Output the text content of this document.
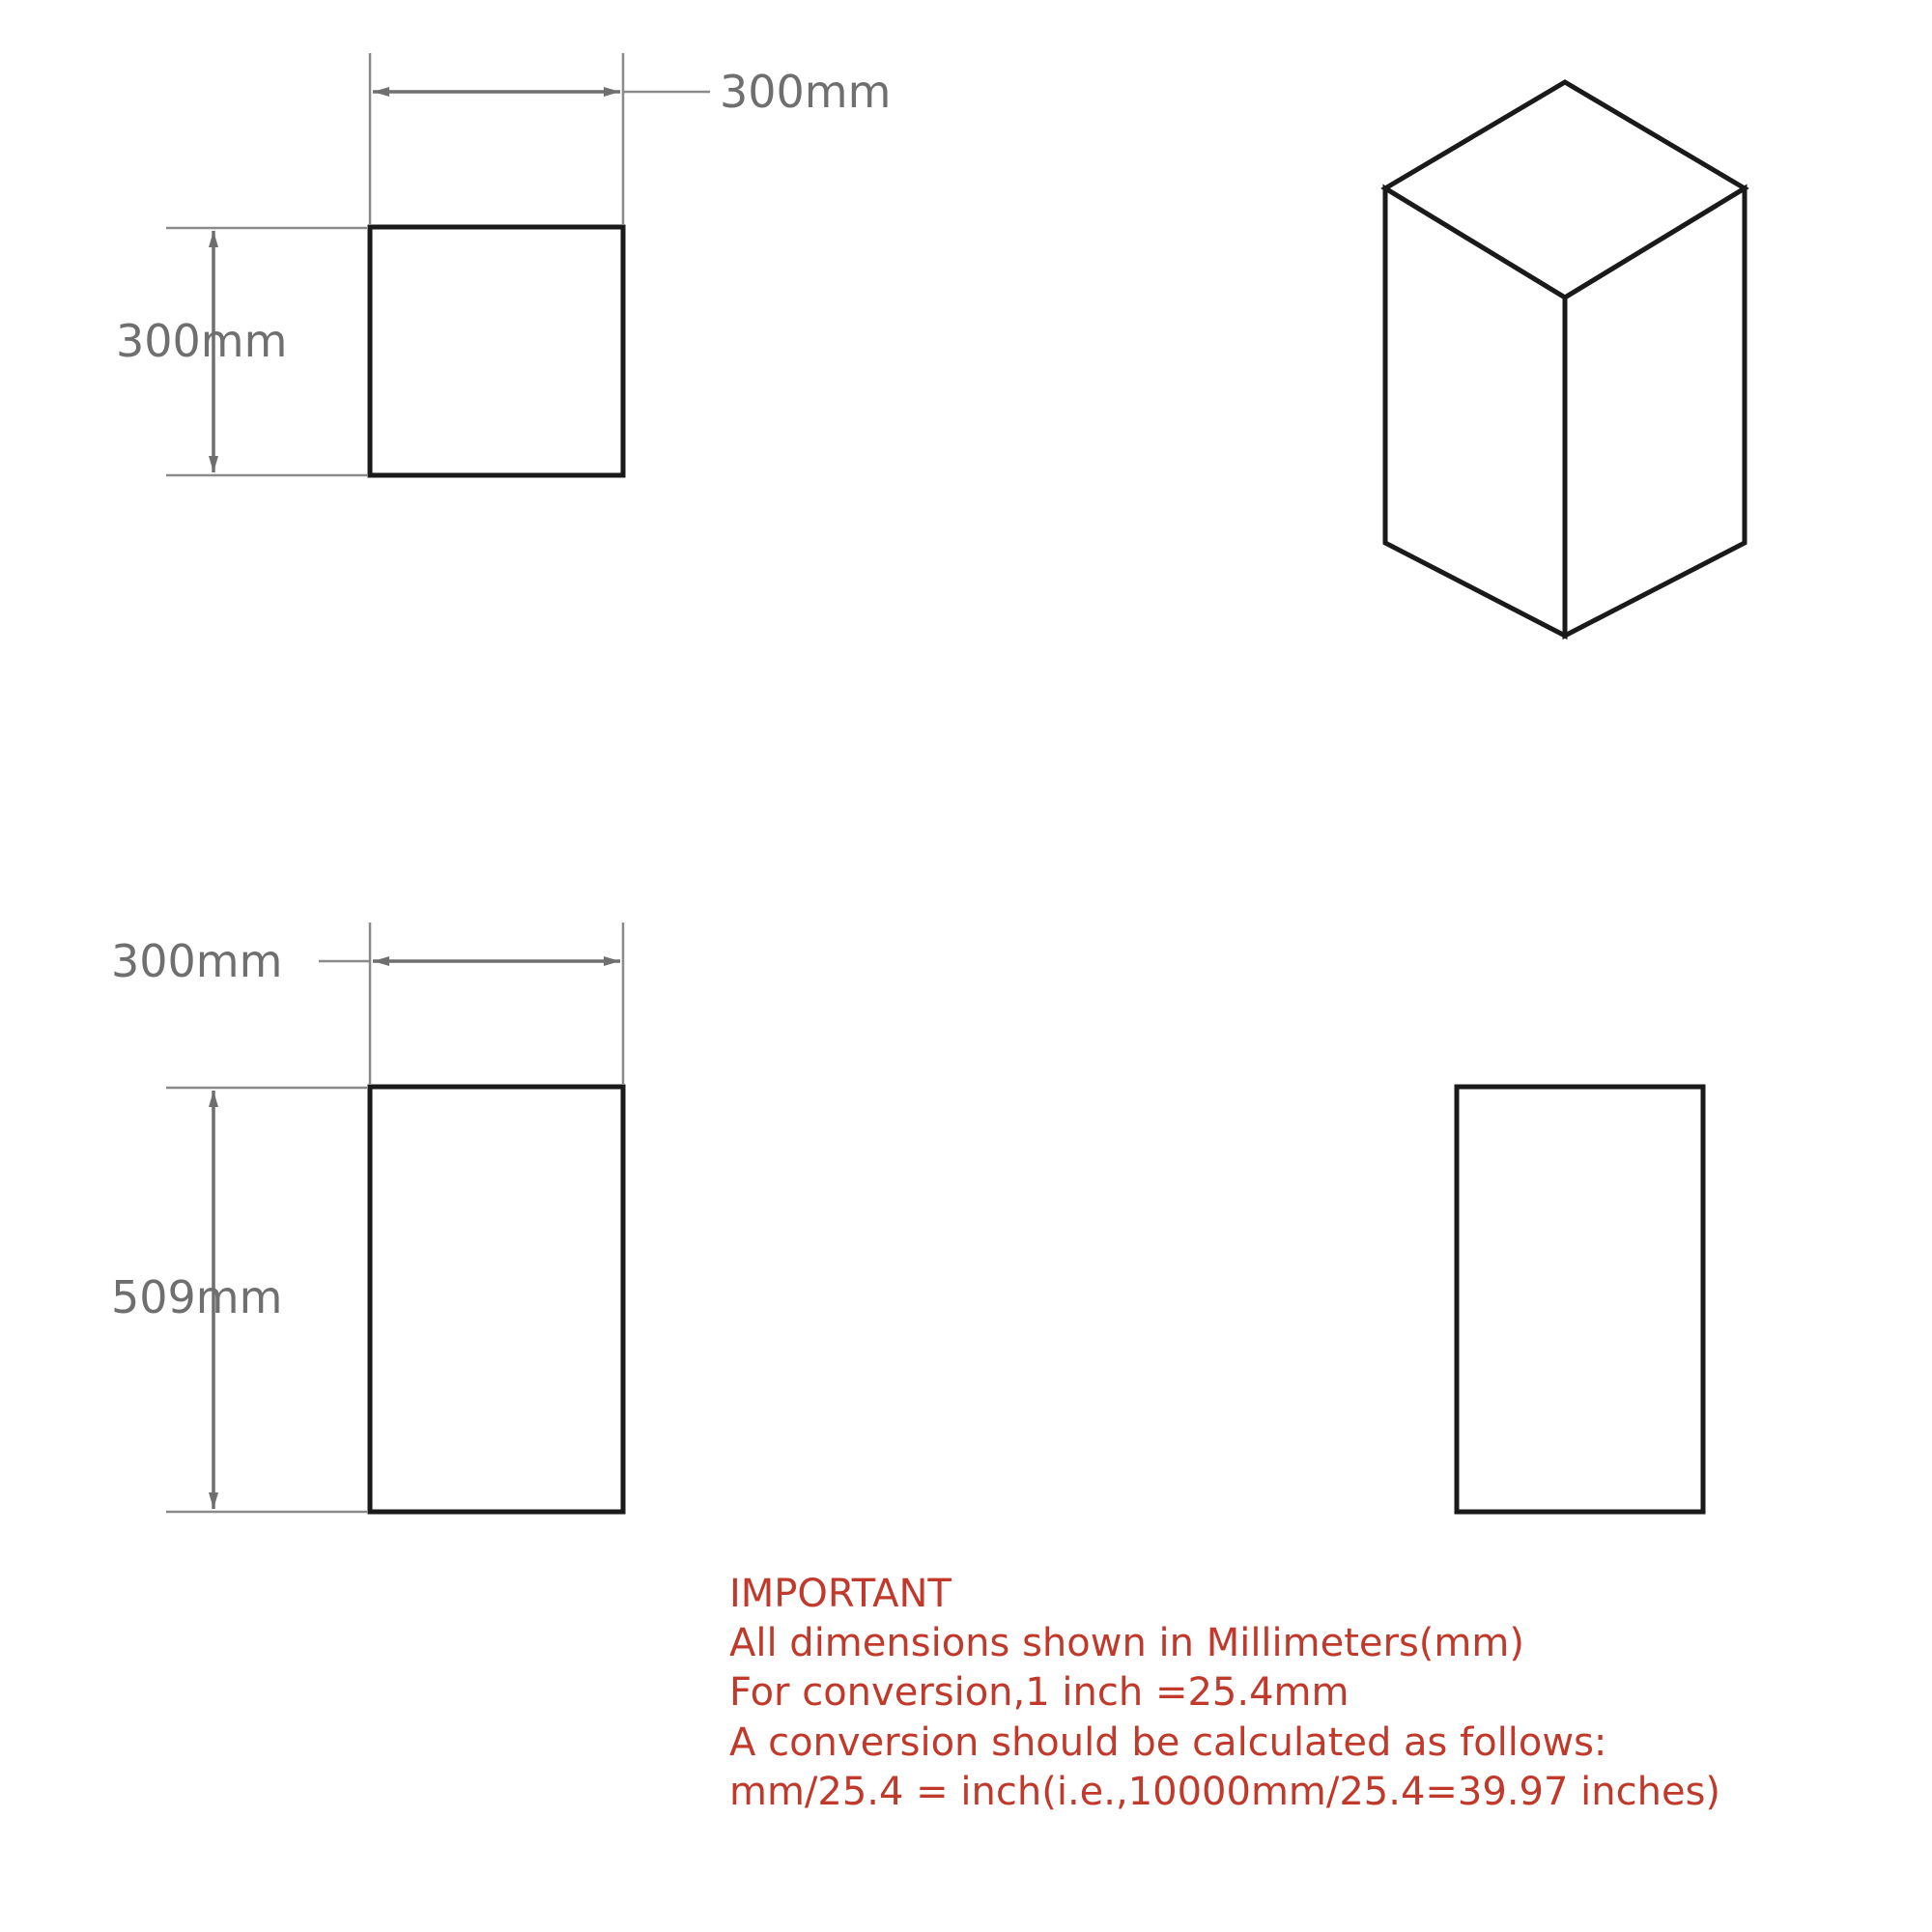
300mm
300mm
300mm
509mm
IMPORTANT
All dimensions shown in Millimeters(mm)
For conversion,1 inch =25.4mm
A conversion should be calculated as follows:
mm/25.4 = inch(i.e.,10000mm/25.4=39.97 inches)
